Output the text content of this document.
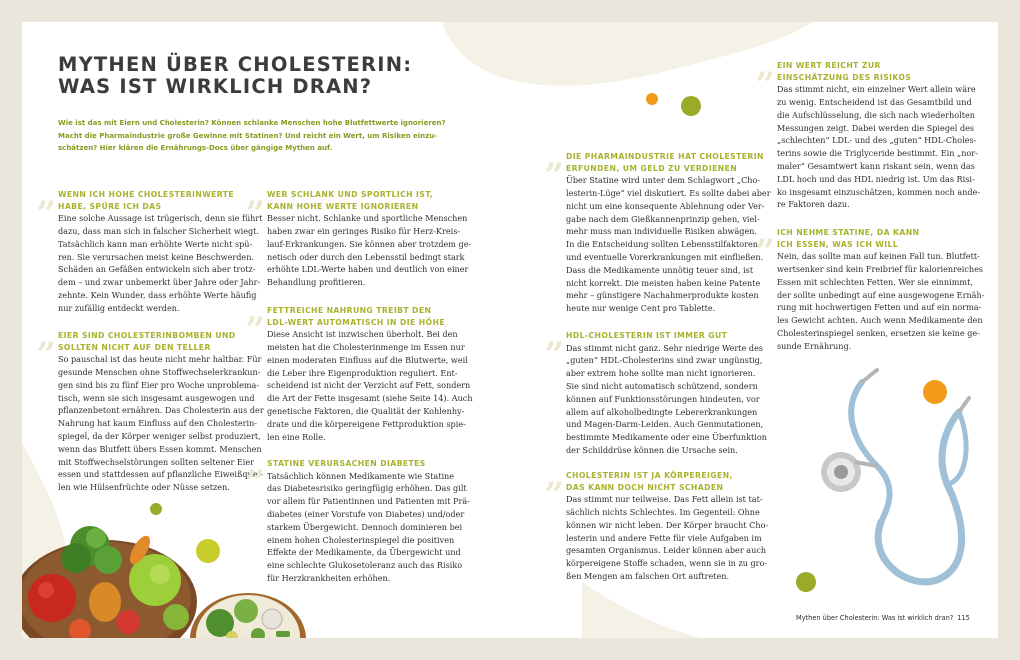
MYTHEN ÜBER CHOLESTERIN:
WAS IST WIRKLICH DRAN?
Wie ist das mit Eiern und Cholesterin? Können schlanke Menschen hohe Blutfettwerte ignorieren?
Macht die Pharmaindustrie große Gewinne mit Statinen? Und reicht ein Wert, um Risiken einzu-
schätzen? Hier klären die Ernährungs-Docs über gängige Mythen auf.
„ WENN ICH HOHE CHOLESTERINWERTE
HABE, SPÜRE ICH DAS
Eine solche Aussage ist trügerisch, denn sie führt
dazu, dass man sich in falscher Sicherheit wiegt.
Tatsächlich kann man erhöhte Werte nicht spü-
ren. Sie verursachen meist keine Beschwerden.
Schäden an Gefäßen entwickeln sich aber trotz-
dem – und zwar unbemerkt über Jahre oder Jahr-
zehnte. Kein Wunder, dass erhöhte Werte häufig
nur zufällig entdeckt werden.
„ EIER SIND CHOLESTERINBOMBEN UND
SOLLTEN NICHT AUF DEN TELLER
So pauschal ist das heute nicht mehr haltbar. Für
gesunde Menschen ohne Stoffwechselerkrankun-
gen sind bis zu fünf Eier pro Woche unproblema-
tisch, wenn sie sich insgesamt ausgewogen und
pflanzenbetont ernähren. Das Cholesterin aus der
Nahrung hat kaum Einfluss auf den Cholesterin-
spiegel, da der Körper weniger selbst produziert,
wenn das Blutfett übers Essen kommt. Menschen
mit Stoffwechselstörungen sollten seltener Eier
essen und stattdessen auf pflanzliche Eiweißquel-
len wie Hülsenfrüchte oder Nüsse setzen.
„ WER SCHLANK UND SPORTLICH IST,
KANN HOHE WERTE IGNORIEREN
Besser nicht. Schlanke und sportliche Menschen
haben zwar ein geringes Risiko für Herz-Kreis-
lauf-Erkrankungen. Sie können aber trotzdem ge-
netisch oder durch den Lebensstil bedingt stark
erhöhte LDL-Werte haben und deutlich von einer
Behandlung profitieren.
„ FETTREICHE NAHRUNG TREIBT DEN
LDL-WERT AUTOMATISCH IN DIE HÖHE
Diese Ansicht ist inzwischen überholt. Bei den
meisten hat die Cholesterinmenge im Essen nur
einen moderaten Einfluss auf die Blutwerte, weil
die Leber ihre Eigenproduktion reguliert. Ent-
scheidend ist nicht der Verzicht auf Fett, sondern
die Art der Fette insgesamt (siehe Seite 14). Auch
genetische Faktoren, die Qualität der Kohlenhy-
drate und die körpereigene Fettproduktion spie-
len eine Rolle.
„ STATINE VERURSACHEN DIABETES
Tatsächlich können Medikamente wie Statine
das Diabetesrisiko geringfügig erhöhen. Das gilt
vor allem für Patientinnen und Patienten mit Prä-
diabetes (einer Vorstufe von Diabetes) und/oder
starkem Übergewicht. Dennoch dominieren bei
einem hohen Cholesterinspiegel die positiven
Effekte der Medikamente, da Übergewicht und
eine schlechte Glukosetoleranz auch das Risiko
für Herzkrankheiten erhöhen.
„ DIE PHARMAINDUSTRIE HAT CHOLESTERIN
ERFUNDEN, UM GELD ZU VERDIENEN
Über Statine wird unter dem Schlagwort „Cho-
lesterin-Lüge“ viel diskutiert. Es sollte dabei aber
nicht um eine konsequente Ablehnung oder Ver-
gabe nach dem Gießkannenprinzip gehen, viel-
mehr muss man individuelle Risiken abwägen.
In die Entscheidung sollten Lebensstilfaktoren
und eventuelle Vorerkrankungen mit einfließen.
Dass die Medikamente unnötig teuer sind, ist
nicht korrekt. Die meisten haben keine Patente
mehr – günstigere Nachahmerprodukte kosten
heute nur wenige Cent pro Tablette.
„ HDL-CHOLESTERIN IST IMMER GUT
Das stimmt nicht ganz. Sehr niedrige Werte des
„guten“ HDL-Cholesterins sind zwar ungünstig,
aber extrem hohe sollte man nicht ignorieren.
Sie sind nicht automatisch schützend, sondern
können auf Funktionsstörungen hindeuten, vor
allem auf alkoholbedingte Lebererkrankungen
und Magen-Darm-Leiden. Auch Genmutationen,
bestimmte Medikamente oder eine Überfunktion
der Schilddrüse können die Ursache sein.
„ CHOLESTERIN IST JA KÖRPEREIGEN,
DAS KANN DOCH NICHT SCHADEN
Das stimmt nur teilweise. Das Fett allein ist tat-
sächlich nichts Schlechtes. Im Gegenteil: Ohne
können wir nicht leben. Der Körper braucht Cho-
lesterin und andere Fette für viele Aufgaben im
gesamten Organismus. Leider können aber auch
körpereigene Stoffe schaden, wenn sie in zu gro-
ßen Mengen am falschen Ort auftreten.
„ EIN WERT REICHT ZUR
EINSCHÄTZUNG DES RISIKOS
Das stimmt nicht, ein einzelner Wert allein wäre
zu wenig. Entscheidend ist das Gesamtbild und
die Aufschlüsselung, die sich nach wiederholten
Messungen zeigt. Dabei werden die Spiegel des
„schlechten“ LDL- und des „guten“ HDL-Choles-
terins sowie die Triglyceride bestimmt. Ein „nor-
maler“ Gesamtwert kann riskant sein, wenn das
LDL hoch und das HDL niedrig ist. Um das Risi-
ko insgesamt einzuschätzen, kommen noch ande-
re Faktoren dazu.
„ ICH NEHME STATINE, DA KANN
ICH ESSEN, WAS ICH WILL
Nein, das sollte man auf keinen Fall tun. Blutfett-
wertsenker sind kein Freibrief für kalorienreiches
Essen mit schlechten Fetten. Wer sie einnimmt,
der sollte unbedingt auf eine ausgewogene Ernäh-
rung mit hochwertigen Fetten und auf ein norma-
les Gewicht achten. Auch wenn Medikamente den
Cholesterinspiegel senken, ersetzen sie keine ge-
sunde Ernährung.
Mythen über Cholesterin: Was ist wirklich dran? 115
